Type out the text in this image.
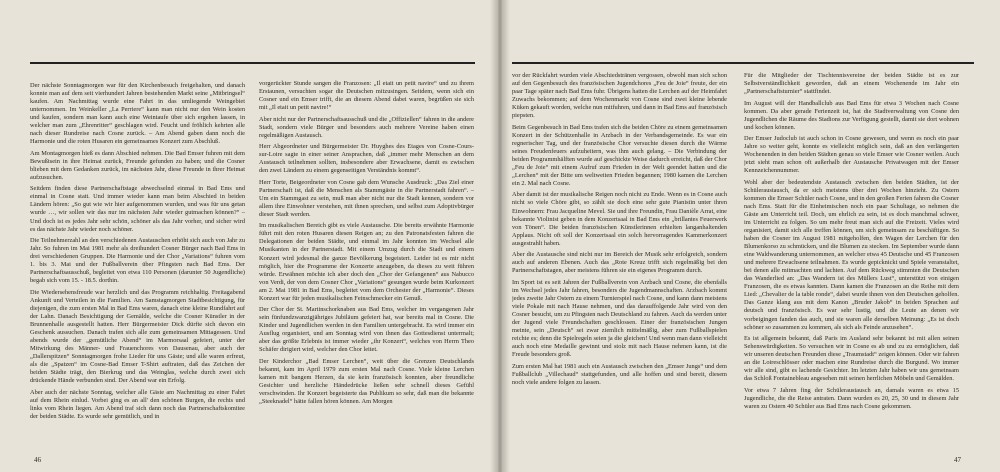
Der nächste Sonntagmorgen war für den Kirchenbesuch freigehalten, und danach konnte man auf dem seit vierhundert Jahren bestehenden Markt seine „Mitbringsel“ kaufen. Am Nachmittag wurde eine Fahrt in das umliegende Weingebiet unternommen. Im Weinkeller „La Perriere“ kann man nicht nur den Wein kosten und kaufen, sondern man kann auch eine Weintaufe über sich ergehen lassen, in welcher man zum „Ehrenritter“ geschlagen wird. Feucht und fröhlich kehrten alle nach dieser Rundreise nach Cosne zurück. – Am Abend gaben dann noch die Harmonie und die roten Husaren ein gemeinsames Konzert zum Abschluß.

Am Montagmorgen hieß es dann Abschied nehmen. Die Bad Emser fuhren mit dem Bewußtsein in ihre Heimat zurück, Freunde gefunden zu haben; und die Cosner blieben mit dem Gedanken zurück, im nächsten Jahr, diese Freunde in ihrer Heimat aufzusuchen.

Seitdem finden diese Partnerschaftstage abwechselnd einmal in Bad Ems und einmal in Cosne statt. Und immer wieder kann man beim Abschied in beiden Ländern hören: „So gut wie wir hier aufgenommen wurden, und was für uns getan wurde …, wir sollen wir das nur im nächsten Jahr wieder gutmachen können?“ – Und doch ist es jedes Jahr sehr schön, schöner als das Jahr vorher, und sicher wird es das nächste Jahr wieder noch schöner.

Die Teilnehmerzahl an den verschiedenen Austauschen erhöht sich auch von Jahr zu Jahr. So fuhren im Mai 1981 mehr als dreihundert Cosner Bürger nach Bad Ems in drei verschiedenen Gruppen. Die Harmonie und der Chor „Variations“ fuhren vom 1. bis 3. Mai und der Fußballverein über Pfingsten nach Bad Ems. Der Partnerschaftsausschuß, begleitet von etwa 110 Personen (darunter 50 Jugendliche) begab sich vom 15. - 18.5. dorthin.

Die Wiedersehensfreude war herzlich und das Programm reichhaltig. Freitagabend Ankunft und Verteilen in die Familien. Am Samstagmorgen Stadtbesichtigung, für diejenigen, die zum ersten Mal in Bad Ems waren, danach eine kleine Rundfahrt auf der Lahn. Danach Besichtigung der Gemälde, welche die Cosner Künstler in der Brunnenhalle ausgestellt hatten. Herr Bürgermeister Dick dürfte sich davon ein Geschenk aussuchen. Danach trafen sich alle zum gemeinsamen Mittagessen. Und abends wurde der „gemütliche Abend“ im Marmorsaal gefeiert, unter der Mitwirkung des Männer- und Frauenchores von Dausenau, aber auch der „Dallerspitzen“ Sonntagmorgen frohe Lieder für uns Gäste; und alle waren erfreut, als die „Spatzen“ im Cosne-Bad Emser T-Shirt auftraten, daß das Zeichen der beiden Städte trägt, den Bierkrug und das Weinglas, welche durch zwei sich drückende Hände verbunden sind. Der Abend war ein Erfolg.

Aber auch der nächste Sonntag, welcher alle Gäste am Nachmittag zu einer Fahrt auf dem Rhein einlud. Vorbei ging es an all' den schönen Burgen, die rechts und links vom Rhein liegen. Am Abend traf sich dann noch das Partnerschaftskomitee der beiden Städte. Es wurde sehr gemütlich, und in

vorgerückter Stunde sangen die Franzosen: „Il etait un petit navire“ und zu ihrem Erstaunen, versuchten sogar die Deutschen mitzusingen. Seitdem, wenn sich ein Cosner und ein Emser trifft, die an diesem Abend dabei waren, begrüßen sie sich mit „Il etait un petit navire!“

Aber nicht nur der Partnerschaftsausschuß und die „Offiziellen“ fahren in die andere Stadt, sondern viele Bürger und besonders auch mehrere Vereine haben einen regelmäßigen Austausch.

Herr Abgeordneter und Bürgermeister Dr. Huyghes des Etages von Cosne-Cours-sur-Loire sagte in einer seiner Ansprachen, daß „immer mehr Menschen an dem Austausch teilnehmen sollten, insbesondere aber Erwachsene, damit es zwischen den zwei Ländern zu einem gegenseitigen Verständnis kommt“.

Herr Torte, Beigeordneter von Cosne gab dem Wunsche Ausdruck: „Das Ziel einer Partnerschaft ist, daß die Menschen als Stammgäste in die Partnerstadt fahren“. – Um ein Stammgast zu sein, muß man aber nicht nur die Stadt kennen, sondern vor allem ihre Einwohner verstehen, mit ihnen sprechen, und selbst zum Adoptivbürger dieser Stadt werden.

Im musikalischen Bereich gibt es viele Austausche. Die bereits erwähnte Harmonie führt mit den roten Husaren diesen Reigen an; zu den Patronatsfesten fahren die Delegationen der beiden Städte, und einmal im Jahr konnten im Wechsel alle Musikanten in der Partnerstadt. Mit einem Umzug durch die Stadt und einem Konzert wird jedesmal die ganze Bevölkerung begeistert. Leider ist es mir nicht möglich, hier die Programme der Konzerte anzugeben, da dieses zu weit führen würde. Erwähnen möchte ich aber doch den „Chor der Gefangenen“ aus Nabucco von Verdi, der von dem Cosner Chor „Variations“ gesungen wurde beim Kurkonzert am 2. Mai 1981 in Bad Ems, begleitet vom dem Orchester der „Harmonie“. Dieses Konzert war für jeden musikalischen Feinschmecker ein Genuß.

Der Chor der St. Martinschorknaben aus Bad Ems, welcher im vergangenen Jahr sein fünfundzwanzigjähriges Jubiläum gefeiert hat, war bereits mal in Cosne. Die Kinder und Jugendlichen werden in den Familien untergebracht. Es wird immer ein Ausflug organisiert, und am Sonntag wird von ihnen das Gottesdienst untermalt; aber das größte Erlebnis ist immer wieder „ihr Konzert“, welches von Herrn Theo Schäfer dirigiert wird, welcher den Chor leitet.

Der Kinderchor „Bad Emser Lerchen“, weit über die Grenzen Deutschlands bekannt, kam im April 1979 zum ersten Mal nach Cosne. Viele kleine Lerchen kamen mit bangem Herzen, da sie kein französisch konnten, aber freundliche Gesichter und herzliche Händedrücke ließen sehr schnell dieses Gefühl verschwinden. Ihr Konzert begeisterte das Publikum so sehr, daß man die bekannte „Steeknadel“ hätte fallen hören können. Am Morgen

46

vor der Rückfahrt wurden viele Abschiedstränen vergossen, obwohl man sich schon auf den Gegenbesuch des französischen Jugendchores „Feu de Joie“ freute, der ein paar Tage später nach Bad Ems fuhr. Übrigens hatten die Lerchen auf der Heimfahrt Zuwachs bekommen; auf dem Wochenmarkt von Cosne sind zwei kleine lebende Küken gekauft worden, welche nun mitfuhren, und dann in Bad Ems auf französisch piepsten.

Beim Gegenbesuch in Bad Ems trafen sich die beiden Chöre zu einem gemeinsamen Konzert in der Schützenhalle in Arzbach in der Verbandsgemeinde. Es war ein regnerischer Tag, und der französische Chor versuchte diesen durch die Wärme seines Freudenfeuers aufzuheitern, was ihm auch gelang. – Die Verbindung der beiden Programmhälften wurde auf geschickte Weise dadurch erreicht, daß der Chor „Feu de Joie“ mit einem Aufruf zum Frieden in der Welt geendet hatten und die „Lerchen“ mit der Bitte um weltweiten Frieden begannen; 1980 kamen die Lerchen ein 2. Mal nach Cosne.

Aber damit ist der musikalische Reigen noch nicht zu Ende. Wenn es in Cosne auch nicht so viele Chöre gibt, so zählt sie doch eine sehr gute Pianistin unter ihren Einwohnern: Frau Jacqueline Mevel. Sie und ihre Freundin, Frau Danièle Arrat, eine bekannte Violinist geben in dem Konzertsaal in Bad Ems ein „brillantes Feuerwerk von Tönen“. Die beiden französischen Künstlerinnen erhielten langanhaltenden Applaus. Nicht oft soll der Konzertsaal ein solch hervorragendes Kammerkonzert ausgestrahlt haben.

Aber die Austausche sind nicht nur im Bereich der Musik sehr erfolgreich, sondern auch auf anderen Ebenen. Auch das „Rote Kreuz trifft sich regelmäßig bei den Partnerschaftstagen, aber meistens führen sie ein eigenes Programm durch.

Im Sport ist es seit Jahren der Fußballverein von Arzbach und Cosne, die ebenfalls im Wechsel jedes Jahr fahren, besonders die Jugendmannschaften. Arzbach kommt jedes zweite Jahr Ostern zu einem Turnierspiel nach Cosne, und kann dann meistens viele Pokale mit nach Hause nehmen, und das darauffolgende Jahr wird von den Cosner besucht, um zu Pfingsten nach Deutschland zu fahren. Auch da werden unter der Jugend viele Freundschaften geschlossen. Einer der französischen Jungen meinte, sein „Deutsch“ sei zwar ziemlich mittelmäßig, aber zum Fußballspielen reichte es; denn die Spielregeln seien ja die gleichen! Und wenn man dann vielleicht auch noch eine Medaille gewinnt und stolz mit nach Hause nehmen kann, ist die Freude besonders groß.

Zum ersten Mal hat 1981 auch ein Austausch zwischen den „Emser Jungs“ und dem Fußballclub „Villechaud“ stattgefunden, und alle hoffen und sind bereit, diesem noch viele andere folgen zu lassen.

Für die Mitglieder der Tischtennisvereine der beiden Städte ist es zur Selbstverständlichkeit geworden, daß an einem Wochenende im Jahr ein „Partnerschaftsturnier“ stattfindet.

Im August will der Handballclub aus Bad Ems für etwa 3 Wochen nach Cosne kommen. Da aber gerade Ferienzeit ist, hat die Stadtverwaltung von Cosne den Jugendlichen die Räume des Stadions zur Verfügung gestellt, damit sie dort wohnen und kochen können.

Der Emser Judoclub ist auch schon in Cosne gewesen, und wenn es noch ein paar Jahre so weiter geht, konnte es vielleicht möglich sein, daß an den verlängerten Wochenenden in den beiden Städten genau so viele Emser wie Cosner weilen. Auch jetzt sieht man schon oft außerhalb der Austausche Privatwagen mit der Emser Kennzeichennummer.

Wohl aber der bedeutendste Austausch zwischen den beiden Städten, ist der Schüleraustausch, da er sich meistens über drei Wochen hinzieht. Zu Ostern kommen die Emser Schüler nach Cosne, und in den großen Ferien fahren die Cosner nach Ems. Statt für die Einheimischen noch ein paar Schultage, so nehmen die Gäste am Unterricht teil. Doch, um ehrlich zu sein, ist es doch manchmal schwer, im Unterricht zu folgen. So um mehr freut man sich auf die Freizeit. Vieles wird organisiert, damit sich alle treffen können, um sich gemeinsam zu beschäftigen. So haben die Cosner im August 1981 mitgeholfen, den Wagen der Lerchen für den Blumenkorso zu schmücken, und die Blumen zu stecken. Im September wurde dann eine Waldwanderung unternommen, an welcher etwa 45 Deutsche und 45 Franzosen und mehrere Erwachsene teilnahmen. Es wurde gepicknickt und Spiele veranstaltet, bei denen alle mitmachten und lachten. Auf dem Rückweg stimmten die Deutschen das Wanderlied an: „Das Wandern ist des Müllers Lust“, unterstützt von einigen Franzosen, die es etwas kannten. Dann kamen die Franzosen an die Reihe mit dem Lied: „Chevalier de la table ronde“, dabei wurde ihnen von den Deutschen geholfen. Das Ganze klang aus mit dem Kanon „Bruder Jakob“ in beiden Sprachen auf deutsch und französisch. Es war sehr lustig, und die Leute an denen wir vorbeigingen fanden das auch, und sie waren alle derselben Meinung: „Es ist doch schöner so zusammen zu kommen, als sich als Feinde anzusehen“.

Es ist allgemein bekannt, daß Paris im Ausland sehr bekannt ist mit allen seinen Sehenswürdigkeiten. So versuchen wir in Cosne es ab und zu zu ermöglichen, daß wir unseren deutschen Freunden diese „Traumstadt“ zeigen können. Oder wir fahren an die Loireschlösser oder machen eine Rundreise durch die Burgund. Wo immer wir alle sind, gibt es lachende Gesichter. Im letzten Jahr haben wir uns gemeinsam das Schloß Fontainebleau angesehen mit seinen herrlichen Möbeln und Gemälden.

Vor etwa 7 Jahren fing der Schüleraustausch an, damals waren es etwa 15 Jugendliche, die die Reise antraten. Dann wurden es 20, 25, 30 und in diesem Jahr waren zu Ostern 40 Schüler aus Bad Ems nach Cosne gekommen.

47
